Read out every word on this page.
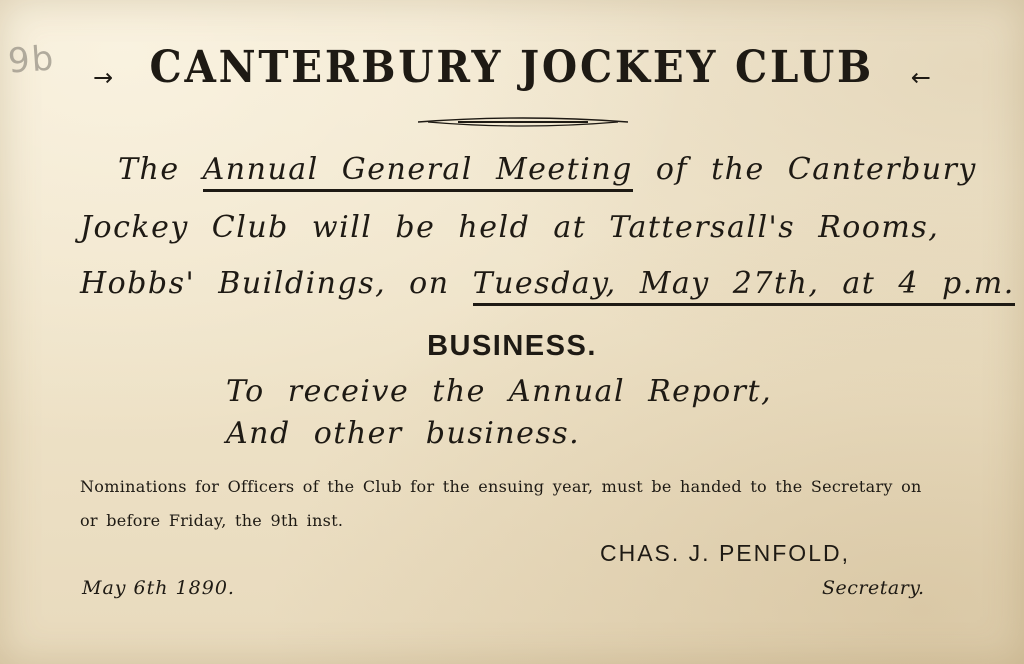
9b	→ CANTERBURY JOCKEY CLUB ←
The Annual General Meeting of the Canterbury
Jockey Club will be held at Tattersall's Rooms,
Hobbs' Buildings, on Tuesday, May 27th, at 4 p.m.
BUSINESS.
To receive the Annual Report,
And other business.
Nominations for Officers of the Club for the ensuing year, must be handed to the Secretary on or before Friday, the 9th inst.
CHAS. J. PENFOLD,
May 6th 1890.	Secretary.
